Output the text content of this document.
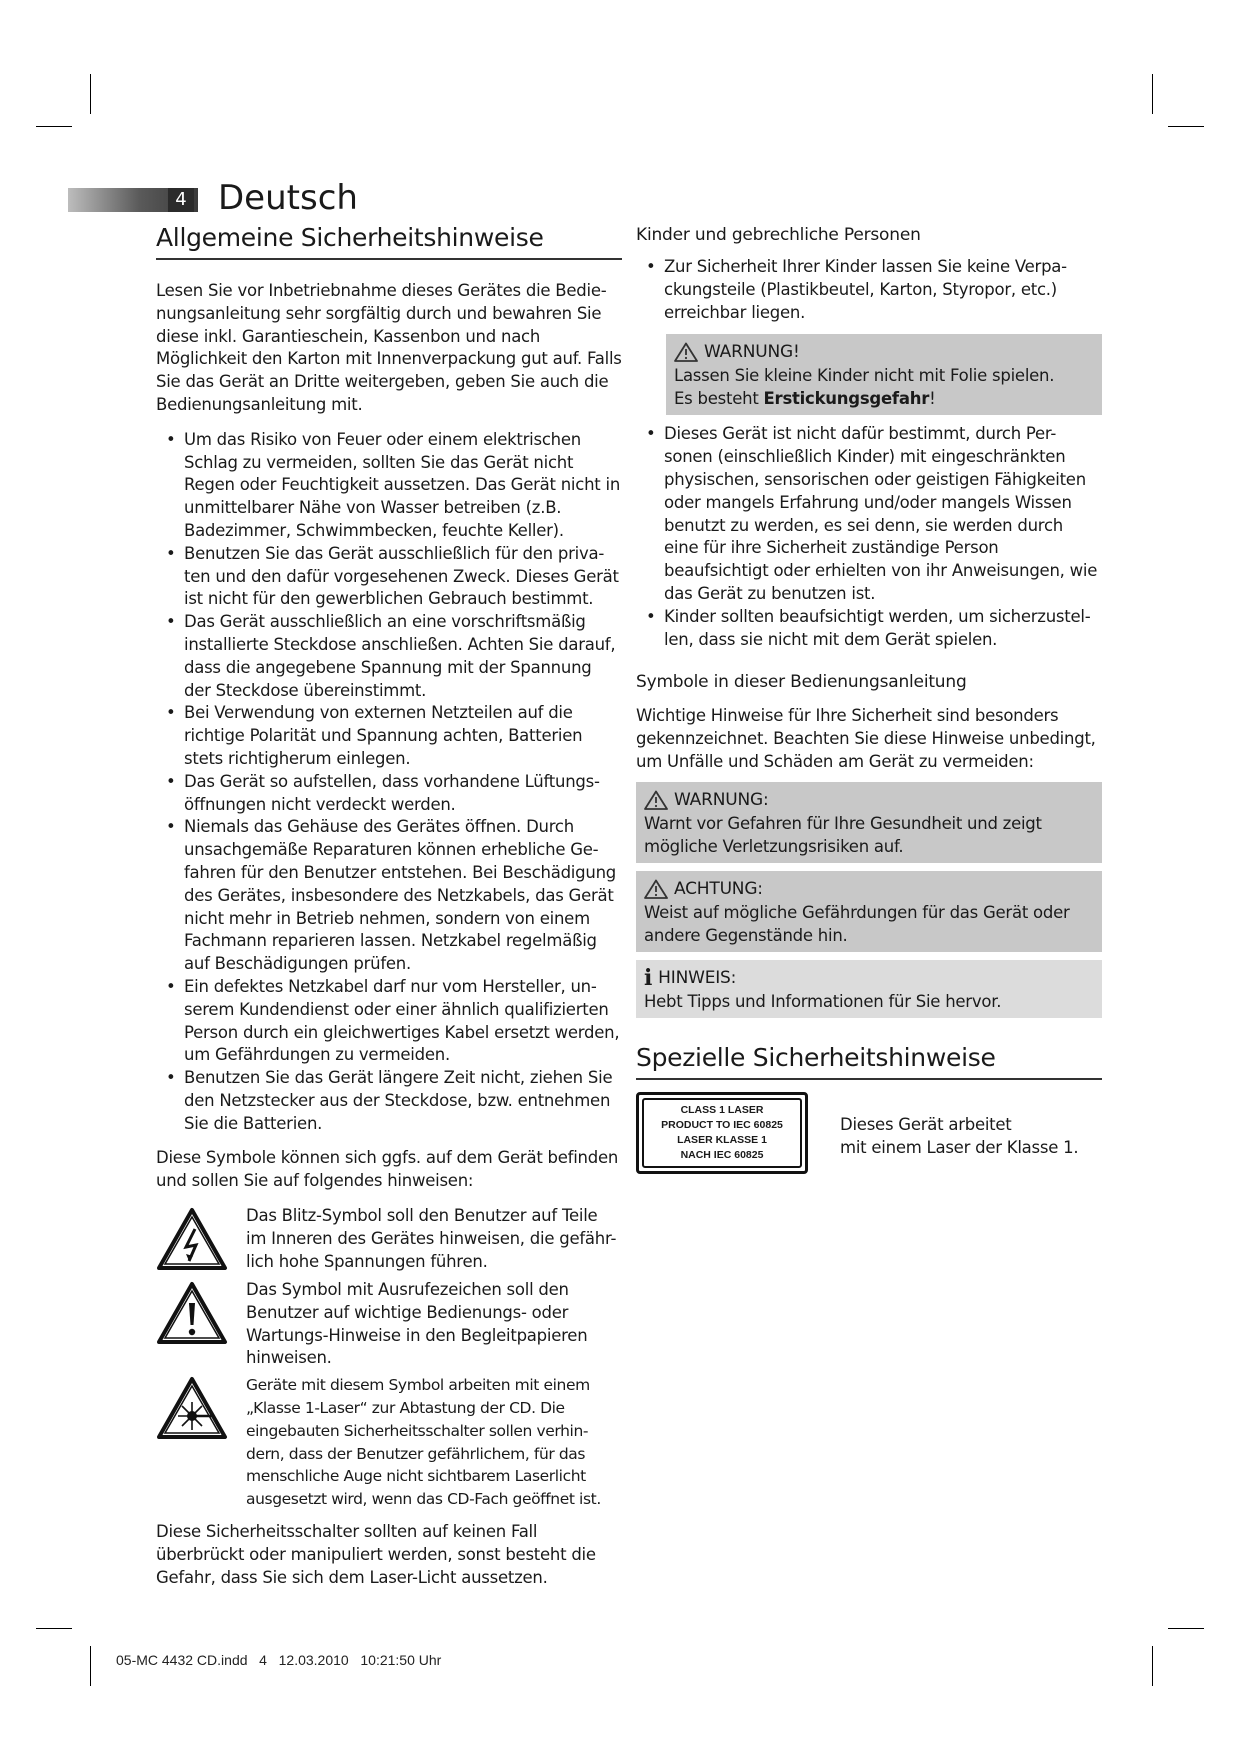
4 Deutsch
Allgemeine Sicherheitshinweise

Lesen Sie vor Inbetriebnahme dieses Gerätes die Bedie-nungsanleitung sehr sorgfältig durch und bewahren Sie diese inkl. Garantieschein, Kassenbon und nach Möglichkeit den Karton mit Innenverpackung gut auf. Falls Sie das Gerät an Dritte weitergeben, geben Sie auch die Bedienungsanleitung mit.

• Um das Risiko von Feuer oder einem elektrischen Schlag zu vermeiden, sollten Sie das Gerät nicht Regen oder Feuchtigkeit aussetzen. Das Gerät nicht in unmittelbarer Nähe von Wasser betreiben (z.B. Badezimmer, Schwimmbecken, feuchte Keller).
• Benutzen Sie das Gerät ausschließlich für den priva-ten und den dafür vorgesehenen Zweck. Dieses Gerät ist nicht für den gewerblichen Gebrauch bestimmt.
• Das Gerät ausschließlich an eine vorschriftsmäßig installierte Steckdose anschließen. Achten Sie darauf, dass die angegebene Spannung mit der Spannung der Steckdose übereinstimmt.
• Bei Verwendung von externen Netzteilen auf die richtige Polarität und Spannung achten, Batterien stets richtigherum einlegen.
• Das Gerät so aufstellen, dass vorhandene Lüftungs-öffnungen nicht verdeckt werden.
• Niemals das Gehäuse des Gerätes öffnen. Durch unsachgemäße Reparaturen können erhebliche Ge-fahren für den Benutzer entstehen. Bei Beschädigung des Gerätes, insbesondere des Netzkabels, das Gerät nicht mehr in Betrieb nehmen, sondern von einem Fachmann reparieren lassen. Netzkabel regelmäßig auf Beschädigungen prüfen.
• Ein defektes Netzkabel darf nur vom Hersteller, un-serem Kundendienst oder einer ähnlich qualifizierten Person durch ein gleichwertiges Kabel ersetzt werden, um Gefährdungen zu vermeiden.
• Benutzen Sie das Gerät längere Zeit nicht, ziehen Sie den Netzstecker aus der Steckdose, bzw. entnehmen Sie die Batterien.

Diese Symbole können sich ggfs. auf dem Gerät befinden und sollen Sie auf folgendes hinweisen:

Das Blitz-Symbol soll den Benutzer auf Teile im Inneren des Gerätes hinweisen, die gefähr-lich hohe Spannungen führen.

Das Symbol mit Ausrufezeichen soll den Benutzer auf wichtige Bedienungs- oder Wartungs-Hinweise in den Begleitpapieren hinweisen.

Geräte mit diesem Symbol arbeiten mit einem „Klasse 1-Laser“ zur Abtastung der CD. Die eingebauten Sicherheitsschalter sollen verhin-dern, dass der Benutzer gefährlichem, für das menschliche Auge nicht sichtbarem Laserlicht ausgesetzt wird, wenn das CD-Fach geöffnet ist.

Diese Sicherheitsschalter sollten auf keinen Fall überbrückt oder manipuliert werden, sonst besteht die Gefahr, dass Sie sich dem Laser-Licht aussetzen.

Kinder und gebrechliche Personen
• Zur Sicherheit Ihrer Kinder lassen Sie keine Verpa-ckungsteile (Plastikbeutel, Karton, Styropor, etc.) erreichbar liegen.
WARNUNG!
Lassen Sie kleine Kinder nicht mit Folie spielen.
Es besteht Erstickungsgefahr!
• Dieses Gerät ist nicht dafür bestimmt, durch Per-sonen (einschließlich Kinder) mit eingeschränkten physischen, sensorischen oder geistigen Fähigkeiten oder mangels Erfahrung und/oder mangels Wissen benutzt zu werden, es sei denn, sie werden durch eine für ihre Sicherheit zuständige Person beaufsichtigt oder erhielten von ihr Anweisungen, wie das Gerät zu benutzen ist.
• Kinder sollten beaufsichtigt werden, um sicherzustel-len, dass sie nicht mit dem Gerät spielen.
Symbole in dieser Bedienungsanleitung

Wichtige Hinweise für Ihre Sicherheit sind besonders gekennzeichnet. Beachten Sie diese Hinweise unbedingt, um Unfälle und Schäden am Gerät zu vermeiden:

WARNUNG:
Warnt vor Gefahren für Ihre Gesundheit und zeigt mögliche Verletzungsrisiken auf.
ACHTUNG:
Weist auf mögliche Gefährdungen für das Gerät oder andere Gegenstände hin.
i HINWEIS:
Hebt Tipps und Informationen für Sie hervor.
Spezielle Sicherheitshinweise
CLASS 1 LASER
PRODUCT TO IEC 60825
LASER KLASSE 1
NACH IEC 60825

Dieses Gerät arbeitet

mit einem Laser der Klasse 1.

05-MC 4432 CD.indd   4   12.03.2010   10:21:50 Uhr
